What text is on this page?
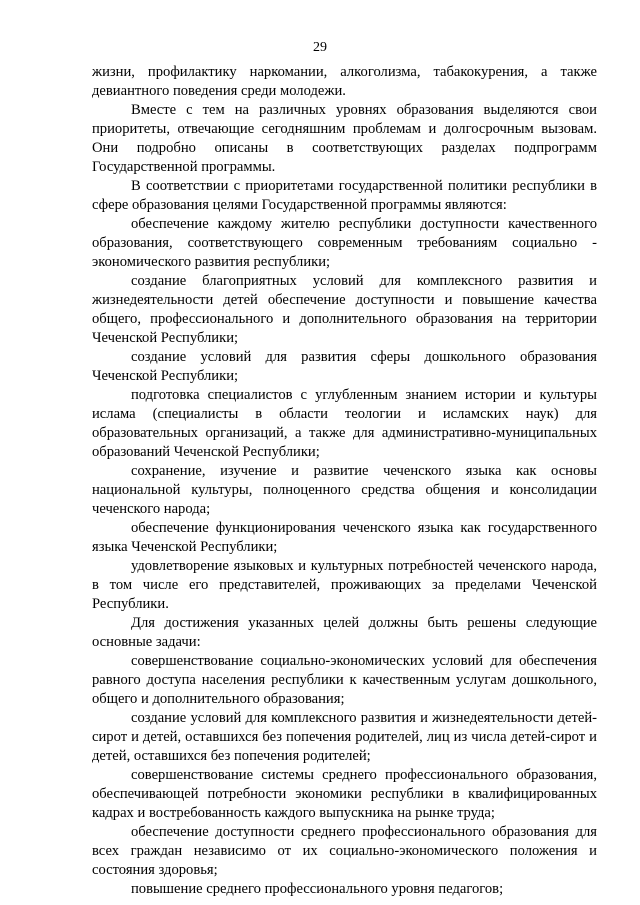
29

жизни, профилактику наркомании, алкоголизма, табакокурения, а также девиантного поведения среди молодежи.

Вместе с тем на различных уровнях образования выделяются свои приоритеты, отвечающие сегодняшним проблемам и долгосрочным вызовам. Они подробно описаны в соответствующих разделах подпрограмм Государственной программы.

В соответствии с приоритетами государственной политики республики в сфере образования целями Государственной программы являются:

обеспечение каждому жителю республики доступности качественного образования, соответствующего современным требованиям социально - экономического развития республики;

создание благоприятных условий для комплексного развития и жизнедеятельности детей обеспечение доступности и повышение качества общего, профессионального и дополнительного образования на территории Чеченской Республики;

создание условий для развития сферы дошкольного образования Чеченской Республики;

подготовка специалистов с углубленным знанием истории и культуры ислама (специалисты в области теологии и исламских наук) для образовательных организаций, а также для административно-муниципальных образований Чеченской Республики;

сохранение, изучение и развитие чеченского языка как основы национальной культуры, полноценного средства общения и консолидации чеченского народа;

обеспечение функционирования чеченского языка как государственного языка Чеченской Республики;

удовлетворение языковых и культурных потребностей чеченского народа, в том числе его представителей, проживающих за пределами Чеченской Республики.

Для достижения указанных целей должны быть решены следующие основные задачи:

совершенствование социально-экономических условий для обеспечения равного доступа населения республики к качественным услугам дошкольного, общего и дополнительного образования;

создание условий для комплексного развития и жизнедеятельности детей-сирот и детей, оставшихся без попечения родителей, лиц из числа детей-сирот и детей, оставшихся без попечения родителей;

совершенствование системы среднего профессионального образования, обеспечивающей потребности экономики республики в квалифицированных кадрах и востребованность каждого выпускника на рынке труда;

обеспечение доступности среднего профессионального образования для всех граждан независимо от их социально-экономического положения и состояния здоровья;

повышение среднего профессионального уровня педагогов;
